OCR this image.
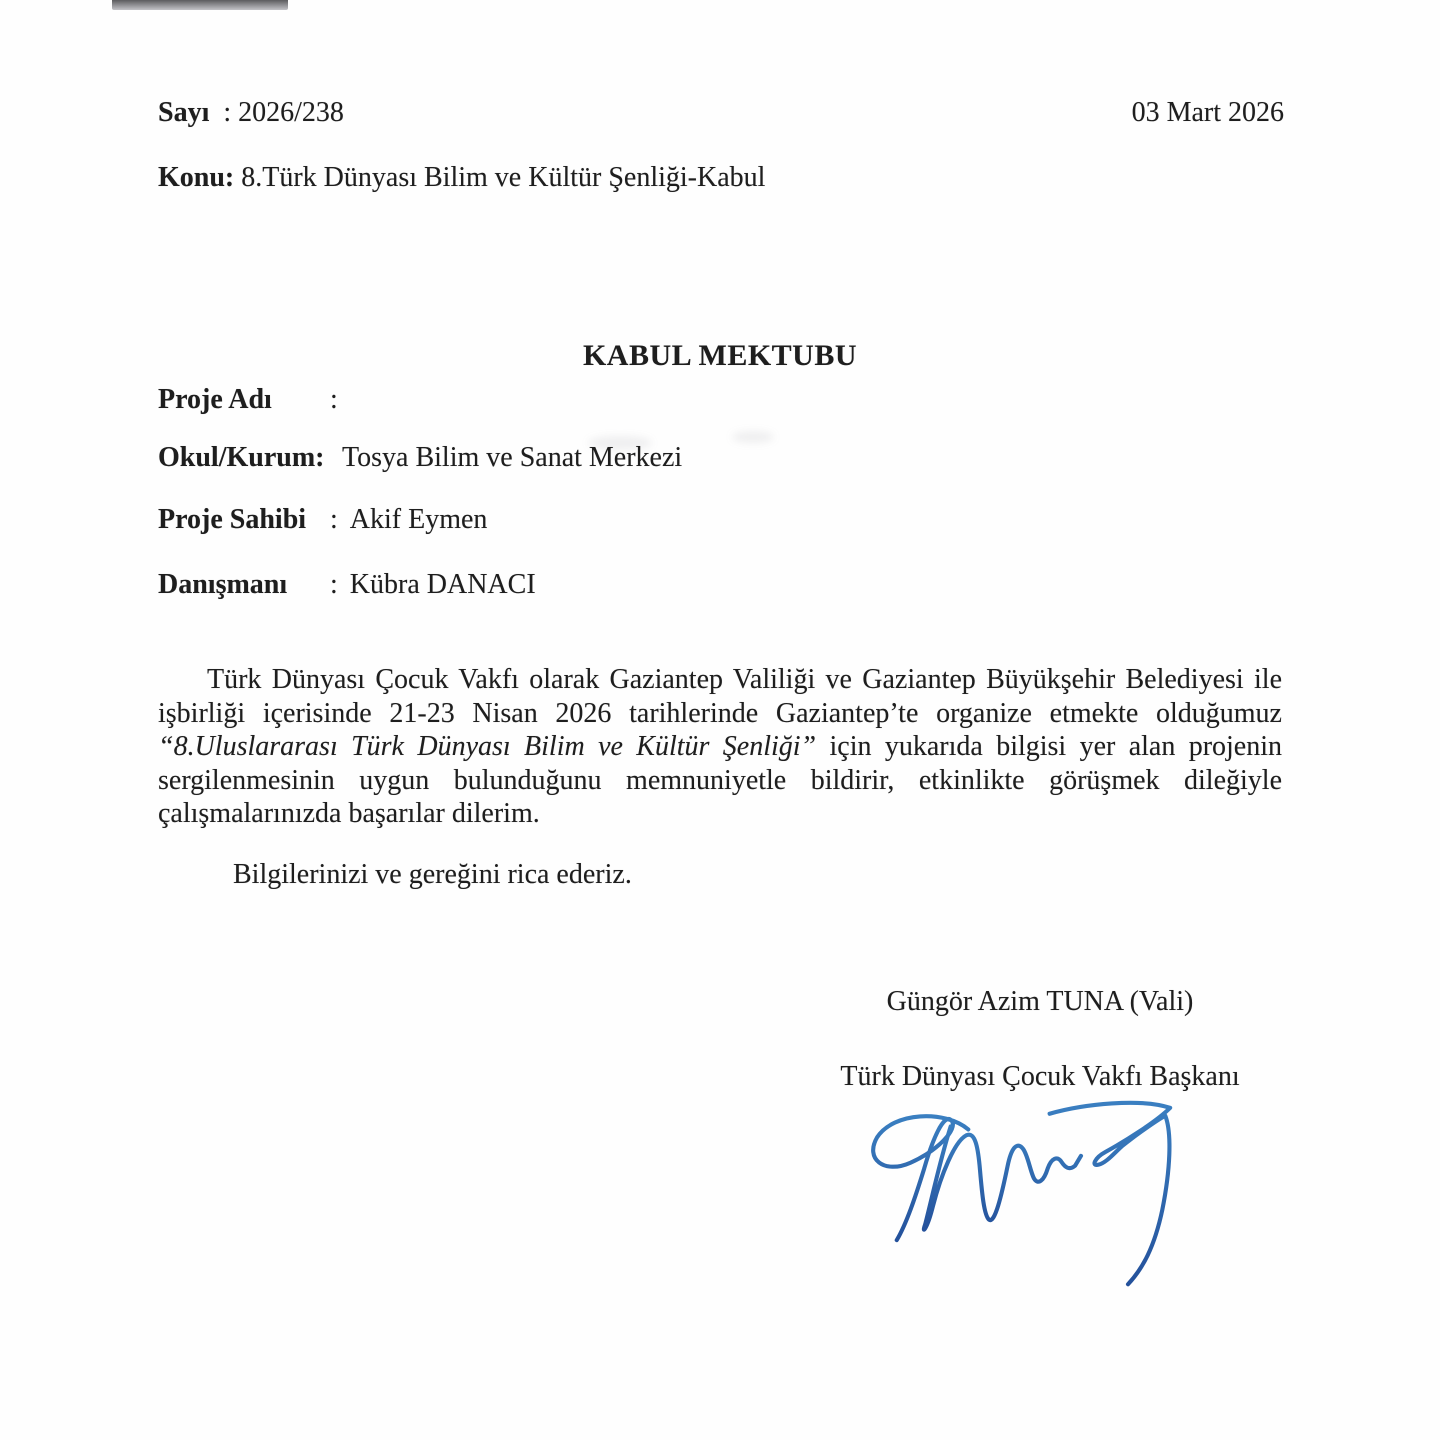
Sayı : 2026/238	03 Mart 2026
Konu: 8.Türk Dünyası Bilim ve Kültür Şenliği-Kabul
KABUL MEKTUBU
Proje Adı	:
Okul/Kurum: Tosya Bilim ve Sanat Merkezi
Proje Sahibi : Akif Eymen
Danışmanı	: Kübra DANACI
Türk Dünyası Çocuk Vakfı olarak Gaziantep Valiliği ve Gaziantep Büyükşehir Belediyesi ile
işbirliği içerisinde 21-23 Nisan 2026 tarihlerinde Gaziantep’te organize etmekte olduğumuz
“8.Uluslararası Türk Dünyası Bilim ve Kültür Şenliği” için yukarıda bilgisi yer alan projenin
sergilenmesinin uygun bulunduğunu memnuniyetle bildirir, etkinlikte görüşmek dileğiyle
çalışmalarınızda başarılar dilerim.
Bilgilerinizi ve gereğini rica ederiz.
Güngör Azim TUNA (Vali)
Türk Dünyası Çocuk Vakfı Başkanı
